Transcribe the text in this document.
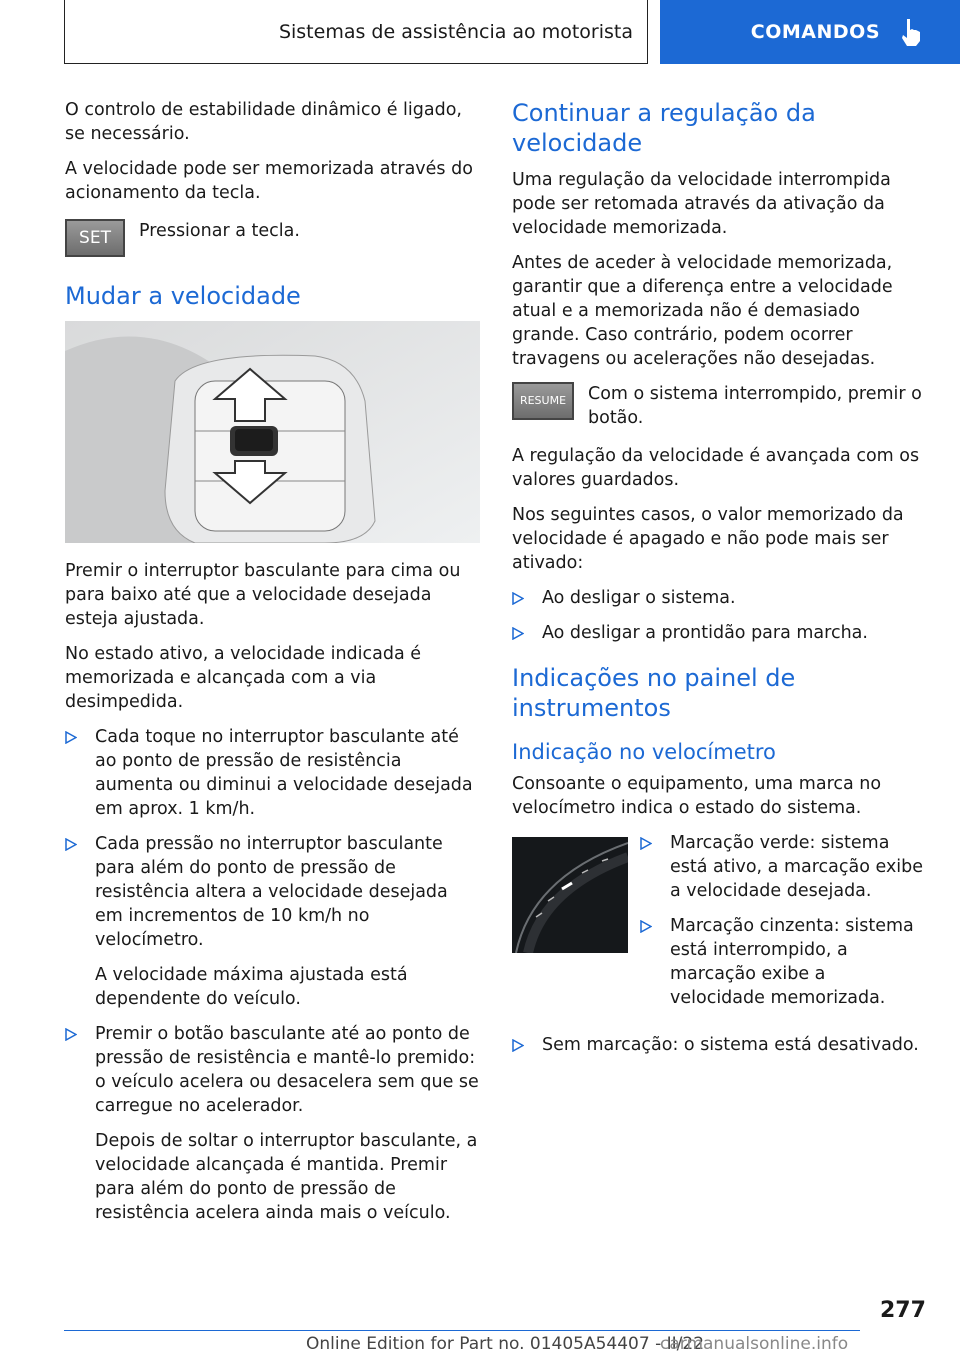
Sistemas de assistência ao motorista	COMANDOS

O controlo de estabilidade dinâmico é ligado, se necessário.

A velocidade pode ser memorizada através do acionamento da tecla.

SET	Pressionar a tecla.
Mudar a velocidade

Premir o interruptor basculante para cima ou para baixo até que a velocidade desejada esteja ajustada.

No estado ativo, a velocidade indicada é memorizada e alcançada com a via desimpedida.

Cada toque no interruptor basculante até ao ponto de pressão de resistência aumenta ou diminui a velocidade desejada em aprox. 1 km/h.
Cada pressão no interruptor basculante para além do ponto de pressão de resistência altera a velocidade desejada em incrementos de 10 km/h no velocímetro.

A velocidade máxima ajustada está dependente do veículo.

Premir o botão basculante até ao ponto de pressão de resistência e mantê-lo premido: o veículo acelera ou desacelera sem que se carregue no acelerador.

Depois de soltar o interruptor basculante, a velocidade alcançada é mantida. Premir para além do ponto de pressão de resistência acelera ainda mais o veículo.

Continuar a regulação da velocidade

Uma regulação da velocidade interrompida pode ser retomada através da ativação da velocidade memorizada.

Antes de aceder à velocidade memorizada, garantir que a diferença entre a velocidade atual e a memorizada não é demasiado grande. Caso contrário, podem ocorrer travagens ou acelerações não desejadas.

RESUME	Com o sistema interrompido, premir o botão.

A regulação da velocidade é avançada com os valores guardados.

Nos seguintes casos, o valor memorizado da velocidade é apagado e não pode mais ser ativado:

Ao desligar o sistema.
Ao desligar a prontidão para marcha.
Indicações no painel de instrumentos
Indicação no velocímetro

Consoante o equipamento, uma marca no velocímetro indica o estado do sistema.

Marcação verde: sistema está ativo, a marcação exibe a velocidade desejada.
Marcação cinzenta: sistema está interrompido, a marcação exibe a velocidade memorizada.
Sem marcação: o sistema está desativado.
277
Online Edition for Part no. 01405A54407 - II/22
carmanualsonline.info
